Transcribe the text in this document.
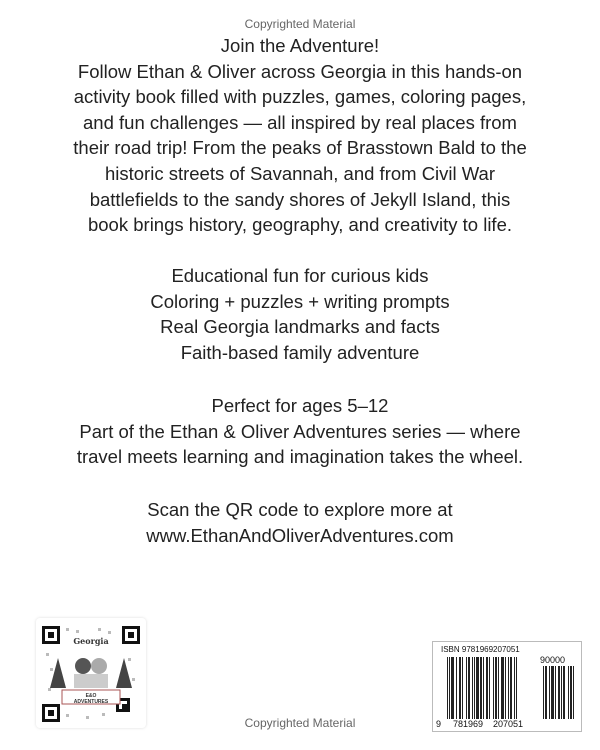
Copyrighted Material
Join the Adventure!
Follow Ethan & Oliver across Georgia in this hands-on
activity book filled with puzzles, games, coloring pages,
and fun challenges — all inspired by real places from
their road trip! From the peaks of Brasstown Bald to the
historic streets of Savannah, and from Civil War
battlefields to the sandy shores of Jekyll Island, this
book brings history, geography, and creativity to life.
Educational fun for curious kids
Coloring + puzzles + writing prompts
Real Georgia landmarks and facts
Faith-based family adventure
Perfect for ages 5–12
Part of the Ethan & Oliver Adventures series — where
travel meets learning and imagination takes the wheel.
Scan the QR code to explore more at
www.EthanAndOliverAdventures.com
Georgia
E&O
ADVENTURES
Copyrighted Material
ISBN 9781969207051
90000
9 781969 207051
